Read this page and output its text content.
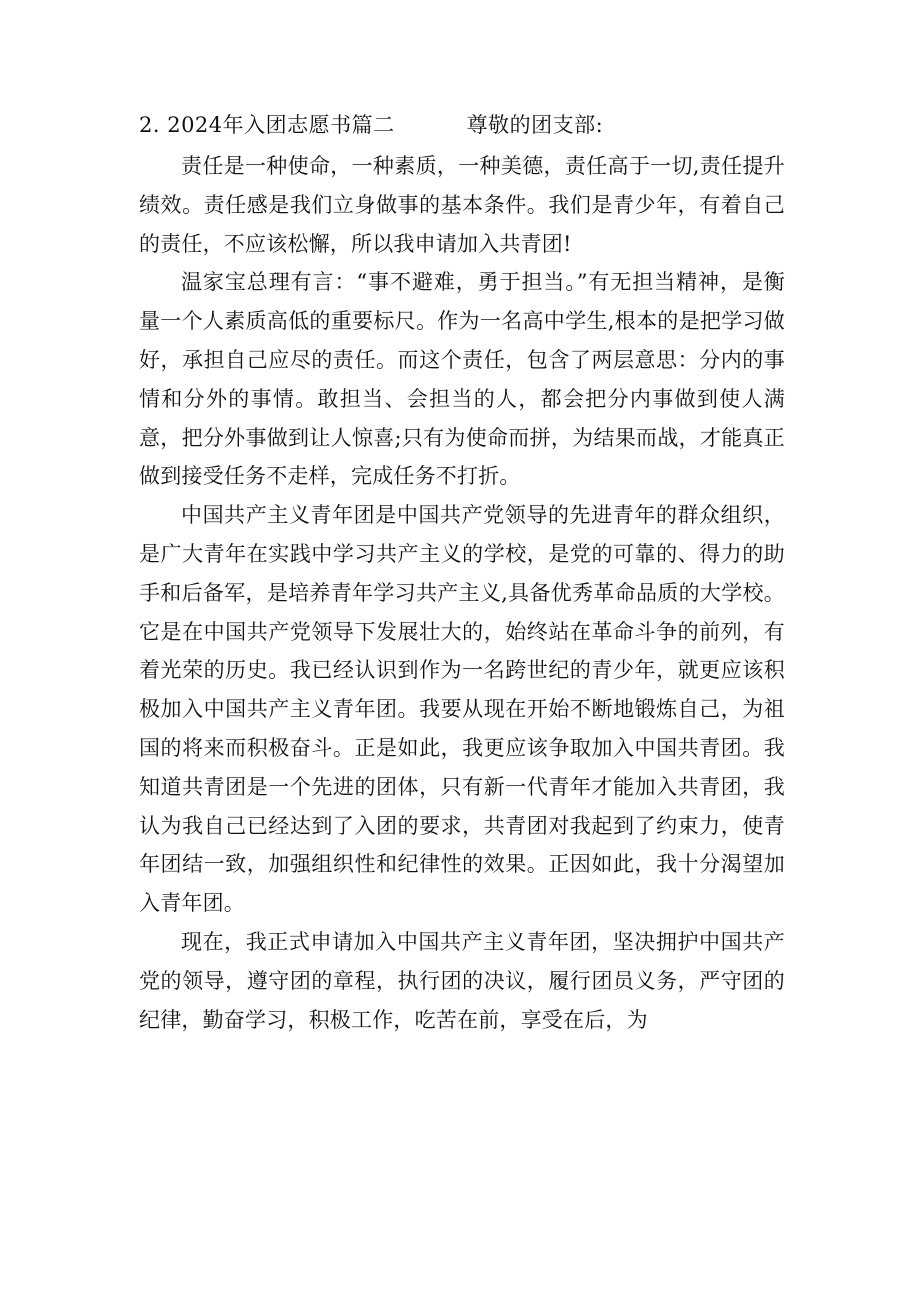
2. 2024年入团志愿书篇二	尊敬的团支部:

责任是一种使命，一种素质，一种美德，责任高于一切,责任提升绩效。责任感是我们立身做事的基本条件。我们是青少年，有着自己的责任，不应该松懈，所以我申请加入共青团!

温家宝总理有言：“事不避难，勇于担当。”有无担当精神，是衡量一个人素质高低的重要标尺。作为一名高中学生,根本的是把学习做好，承担自己应尽的责任。而这个责任，包含了两层意思：分内的事情和分外的事情。敢担当、会担当的人，都会把分内事做到使人满意，把分外事做到让人惊喜;只有为使命而拼，为结果而战，才能真正做到接受任务不走样，完成任务不打折。

中国共产主义青年团是中国共产党领导的先进青年的群众组织，是广大青年在实践中学习共产主义的学校，是党的可靠的、得力的助手和后备军，是培养青年学习共产主义,具备优秀革命品质的大学校。它是在中国共产党领导下发展壮大的，始终站在革命斗争的前列，有着光荣的历史。我已经认识到作为一名跨世纪的青少年，就更应该积极加入中国共产主义青年团。我要从现在开始不断地锻炼自己，为祖国的将来而积极奋斗。正是如此，我更应该争取加入中国共青团。我知道共青团是一个先进的团体，只有新一代青年才能加入共青团，我认为我自己已经达到了入团的要求，共青团对我起到了约束力，使青年团结一致，加强组织性和纪律性的效果。正因如此，我十分渴望加入青年团。

现在，我正式申请加入中国共产主义青年团，坚决拥护中国共产党的领导，遵守团的章程，执行团的决议，履行团员义务，严守团的纪律，勤奋学习，积极工作，吃苦在前，享受在后，为
